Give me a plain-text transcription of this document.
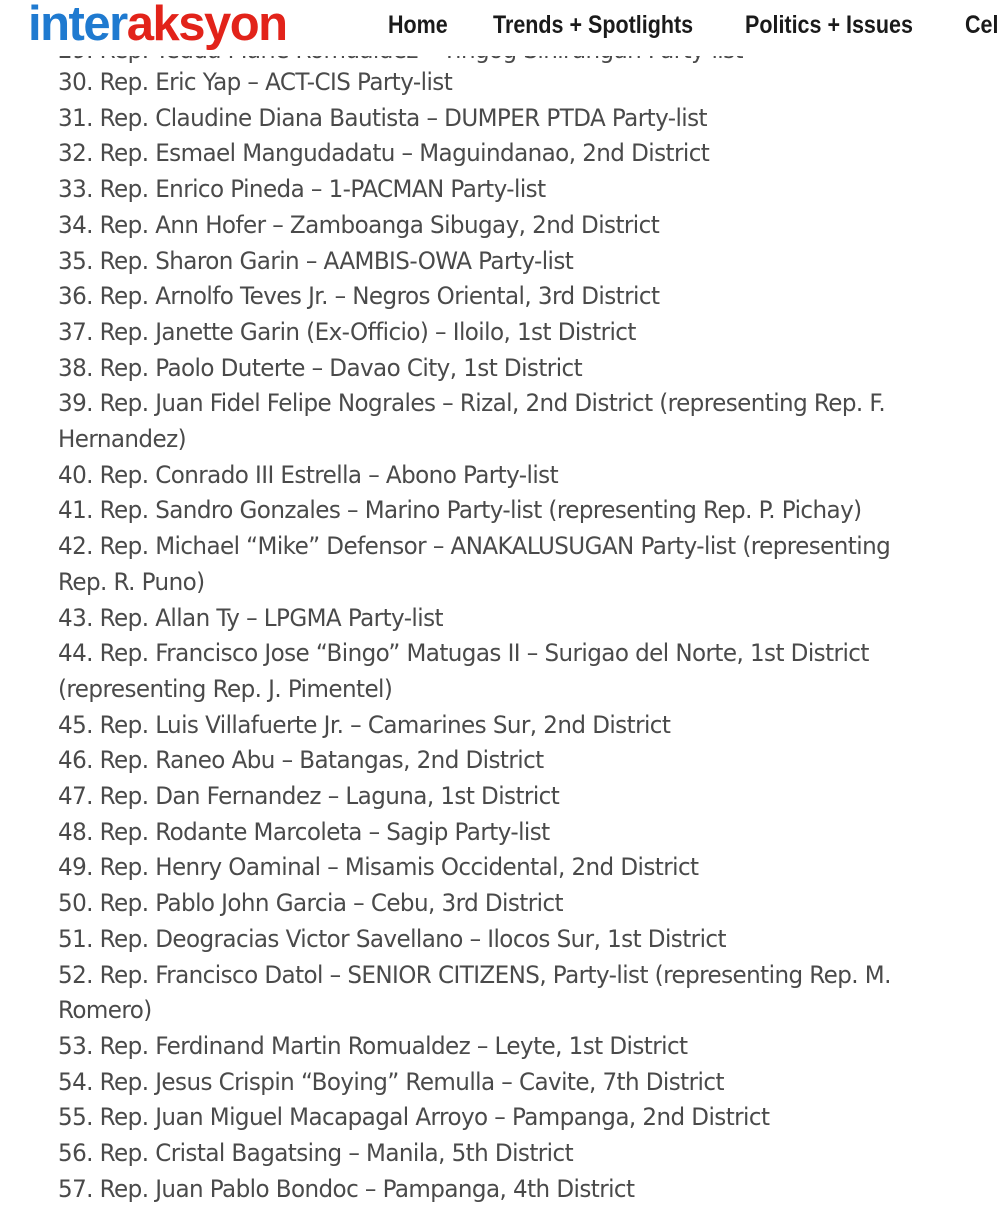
interaksyon	Home Trends + Spotlights Politics + Issues Cel
30. Rep. Eric Yap – ACT-CIS Party-list
31. Rep. Claudine Diana Bautista – DUMPER PTDA Party-list
32. Rep. Esmael Mangudadatu – Maguindanao, 2nd District
33. Rep. Enrico Pineda – 1-PACMAN Party-list
34. Rep. Ann Hofer – Zamboanga Sibugay, 2nd District
35. Rep. Sharon Garin – AAMBIS-OWA Party-list
36. Rep. Arnolfo Teves Jr. – Negros Oriental, 3rd District
37. Rep. Janette Garin (Ex-Officio) – Iloilo, 1st District
38. Rep. Paolo Duterte – Davao City, 1st District
39. Rep. Juan Fidel Felipe Nograles – Rizal, 2nd District (representing Rep. F.
Hernandez)
40. Rep. Conrado III Estrella – Abono Party-list
41. Rep. Sandro Gonzales – Marino Party-list (representing Rep. P. Pichay)
42. Rep. Michael “Mike” Defensor – ANAKALUSUGAN Party-list (representing
Rep. R. Puno)
43. Rep. Allan Ty – LPGMA Party-list
44. Rep. Francisco Jose “Bingo” Matugas II – Surigao del Norte, 1st District
(representing Rep. J. Pimentel)
45. Rep. Luis Villafuerte Jr. – Camarines Sur, 2nd District
46. Rep. Raneo Abu – Batangas, 2nd District
47. Rep. Dan Fernandez – Laguna, 1st District
48. Rep. Rodante Marcoleta – Sagip Party-list
49. Rep. Henry Oaminal – Misamis Occidental, 2nd District
50. Rep. Pablo John Garcia – Cebu, 3rd District
51. Rep. Deogracias Victor Savellano – Ilocos Sur, 1st District
52. Rep. Francisco Datol – SENIOR CITIZENS, Party-list (representing Rep. M.
Romero)
53. Rep. Ferdinand Martin Romualdez – Leyte, 1st District
54. Rep. Jesus Crispin “Boying” Remulla – Cavite, 7th District
55. Rep. Juan Miguel Macapagal Arroyo – Pampanga, 2nd District
56. Rep. Cristal Bagatsing – Manila, 5th District
57. Rep. Juan Pablo Bondoc – Pampanga, 4th District
